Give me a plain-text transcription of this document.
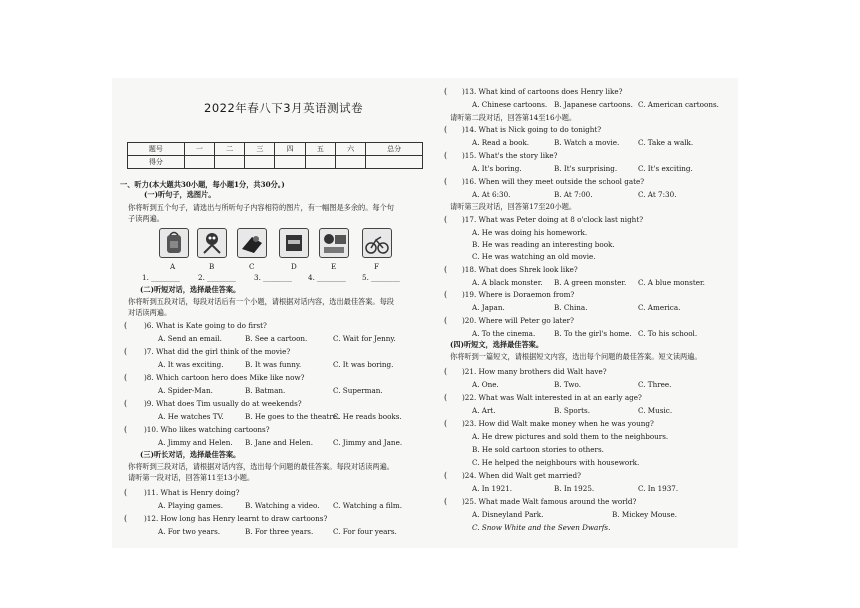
2022年春八下3月英语测试卷
题号	一	二	三	四	五	六	总分
得分							
一、听力(本大题共30小题，每小题1分，共30分。)
(一)听句子，选图片。
你将听到五个句子，请选出与所听句子内容相符的图片，有一幅图是多余的。每个句
子读两遍。
A	B	C	D	E	F
1. ________	2. ________	3. ________ 4. ________ 5. ________
(二)听短对话，选择最佳答案。
你将听到五段对话，每段对话后有一个小题，请根据对话内容，选出最佳答案。每段
对话读两遍。
( )6. What is Kate going to do first?
A. Send an email.	B. See a cartoon.	C. Wait for Jenny.
( )7. What did the girl think of the movie?
A. It was exciting.	B. It was funny.	C. It was boring.
( )8. Which cartoon hero does Mike like now?
A. Spider-Man.	B. Batman.	C. Superman.
( )9. What does Tim usually do at weekends?
A. He watches TV.	B. He goes to the theatre.
C. He reads books.
( )10. Who likes watching cartoons?
A. Jimmy and Helen. B. Jane and Helen.	C. Jimmy and Jane.
(三)听长对话，选择最佳答案。
你将听到三段对话，请根据对话内容，选出每个问题的最佳答案。每段对话读两遍。
请听第一段对话，回答第11至13小题。
( )11. What is Henry doing?
A. Playing games.	B. Watching a video. C. Watching a film.
( )12. How long has Henry learnt to draw cartoons?
A. For two years.	B. For three years.	C. For four years.
( )13. What kind of cartoons does Henry like?
A. Chinese cartoons. B. Japanese cartoons. C. American cartoons.
请听第二段对话，回答第14至16小题。
( )14. What is Nick going to do tonight?
A. Read a book.	B. Watch a movie.	C. Take a walk.
( )15. What's the story like?
A. It's boring.	B. It's surprising.	C. It's exciting.
( )16. When will they meet outside the school gate?
A. At 6:30.	B. At 7:00.	C. At 7:30.
请听第三段对话，回答第17至20小题。
( )17. What was Peter doing at 8 o'clock last night?
A. He was doing his homework.
B. He was reading an interesting book.
C. He was watching an old movie.
( )18. What does Shrek look like?
A. A black monster. B. A green monster. C. A blue monster.
( )19. Where is Doraemon from?
A. Japan.	B. China.	C. America.
( )20. Where will Peter go later?
A. To the cinema.	B. To the girl's home. C. To his school.
(四)听短文，选择最佳答案。
你将听到一篇短文，请根据短文内容，选出每个问题的最佳答案。短文读两遍。
( )21. How many brothers did Walt have?
A. One.	B. Two.	C. Three.
( )22. What was Walt interested in at an early age?
A. Art.	B. Sports.	C. Music.
( )23. How did Walt make money when he was young?
A. He drew pictures and sold them to the neighbours.
B. He sold cartoon stories to others.
C. He helped the neighbours with housework.
( )24. When did Walt get married?
A. In 1921.	B. In 1925.	C. In 1937.
( )25. What made Walt famous around the world?
A. Disneyland Park.	B. Mickey Mouse.
C. Snow White and the Seven Dwarfs.
